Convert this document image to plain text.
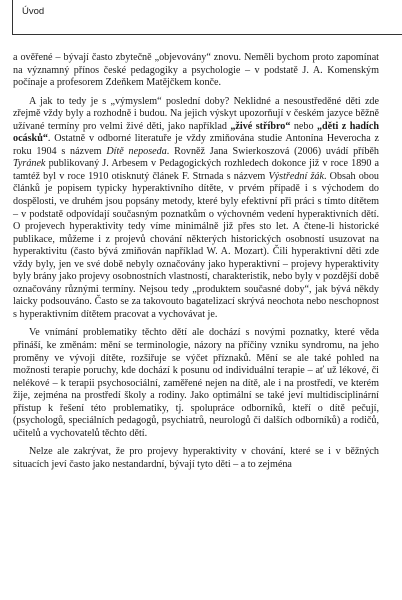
Úvod

a ověřené – bývají často zbytečně „objevovány“ znovu. Neměli bychom proto zapomínat na významný přínos české pedagogiky a psychologie – v podstatě J. A. Komenským počínaje a profesorem Zdeňkem Matějčkem konče.

A jak to tedy je s „výmyslem“ poslední doby? Neklidné a nesoustředěné děti zde zřejmě vždy byly a rozhodně i budou. Na jejich výskyt upozorňují v českém jazyce běžně užívané termíny pro velmi živé děti, jako například „živé stříbro“ nebo „děti z hadích ocásků“. Ostatně v odborné literatuře je vždy zmiňována studie Antonína Heverocha z roku 1904 s názvem Dítě neposeda. Rovněž Jana Swierkoszová (2006) uvádí příběh Tyránek publikovaný J. Arbesem v Pedagogických rozhledech dokonce již v roce 1890 a tamtéž byl v roce 1910 otisknutý článek F. Strnada s názvem Výstřední žák. Obsah obou článků je popisem typicky hyperaktivního dítěte, v prvém případě i s východem do dospělosti, ve druhém jsou popsány metody, které byly efektivní při práci s tímto dítětem – v podstatě odpovídají současným poznatkům o výchovném vedení hyperaktivních dětí. O projevech hyperaktivity tedy víme minimálně již přes sto let. A čtene-li historické publikace, můžeme i z projevů chování některých historických osobností usuzovat na hyperaktivitu (často bývá zmiňován například W. A. Mozart). Čili hyperaktivní děti zde vždy byly, jen ve své době nebyly označovány jako hyperaktivní – projevy hyperaktivity byly brány jako projevy osobnostních vlastností, charakteristik, nebo byly v pozdější době označovány různými termíny. Nejsou tedy „produktem současné doby“, jak bývá někdy laicky podsouváno. Často se za takovouto bagatelizací skrývá neochota nebo neschopnost s hyperaktivním dítětem pracovat a vychovávat je.

Ve vnímání problematiky těchto dětí ale dochází s novými poznatky, které věda přináší, ke změnám: mění se terminologie, názory na příčiny vzniku syndromu, na jeho proměny ve vývoji dítěte, rozšiřuje se výčet příznaků. Mění se ale také pohled na možnosti terapie poruchy, kde dochází k posunu od individuální terapie – ať už lékové, či nelékové – k terapii psychosociální, zaměřené nejen na dítě, ale i na prostředí, ve kterém žije, zejména na prostředí školy a rodiny. Jako optimální se také jeví multidisciplinární přístup k řešení této problematiky, tj. spolupráce odborníků, kteří o dítě pečují, (psychologů, speciálních pedagogů, psychiatrů, neurologů či dalších odborníků) a rodičů, učitelů a vychovatelů těchto dětí.

Nelze ale zakrývat, že pro projevy hyperaktivity v chování, které se i v běžných situacích jeví často jako nestandardní, bývají tyto děti – a to zejména
